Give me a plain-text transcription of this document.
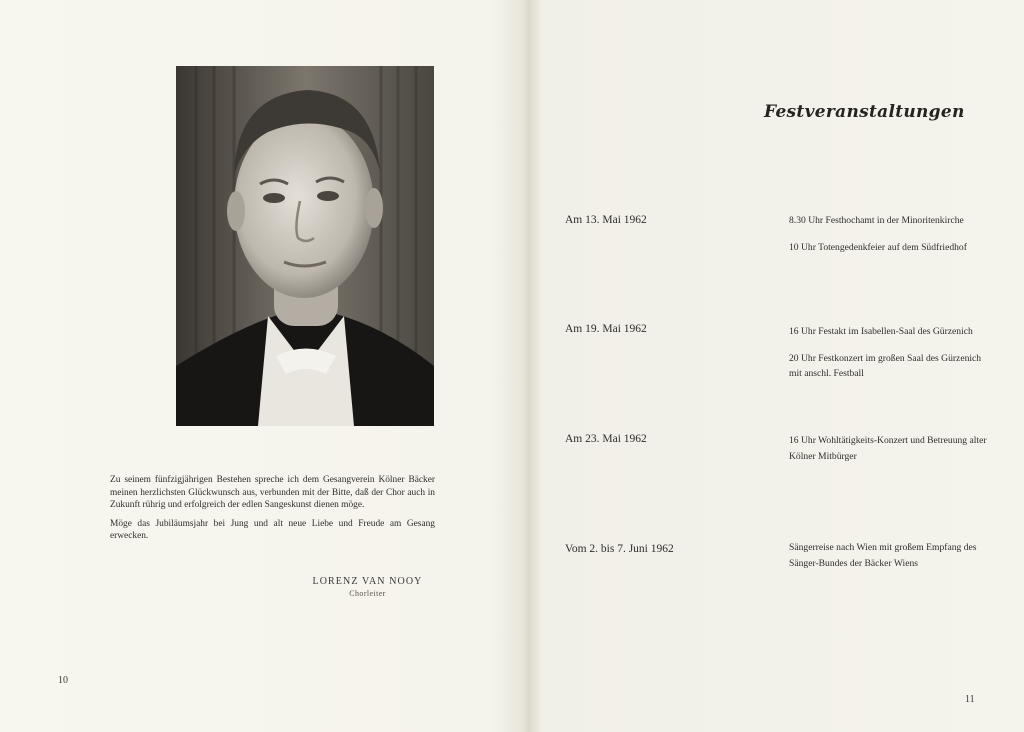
Zu seinem fünfzigjährigen Bestehen spreche ich dem Gesangverein Kölner Bäcker meinen herzlichsten Glückwunsch aus, verbunden mit der Bitte, daß der Chor auch in Zukunft rührig und erfolgreich der edlen Sangeskunst dienen möge.

Möge das Jubiläumsjahr bei Jung und alt neue Liebe und Freude am Gesang erwecken.

LORENZ VAN NOOY
Chorleiter
10
Festveranstaltungen
Am 13. Mai 1962	8.30 Uhr Festhochamt in der Minoritenkirche
10 Uhr Totengedenkfeier auf dem Südfriedhof
Am 19. Mai 1962	16 Uhr Festakt im Isabellen-Saal des Gürzenich
20 Uhr Festkonzert im großen Saal des Gürzenich mit anschl. Festball
Am 23. Mai 1962	16 Uhr Wohltätigkeits-Konzert und Betreuung alter Kölner Mitbürger
Vom 2. bis 7. Juni 1962	Sängerreise nach Wien mit großem Empfang des Sänger-Bundes der Bäcker Wiens
11
